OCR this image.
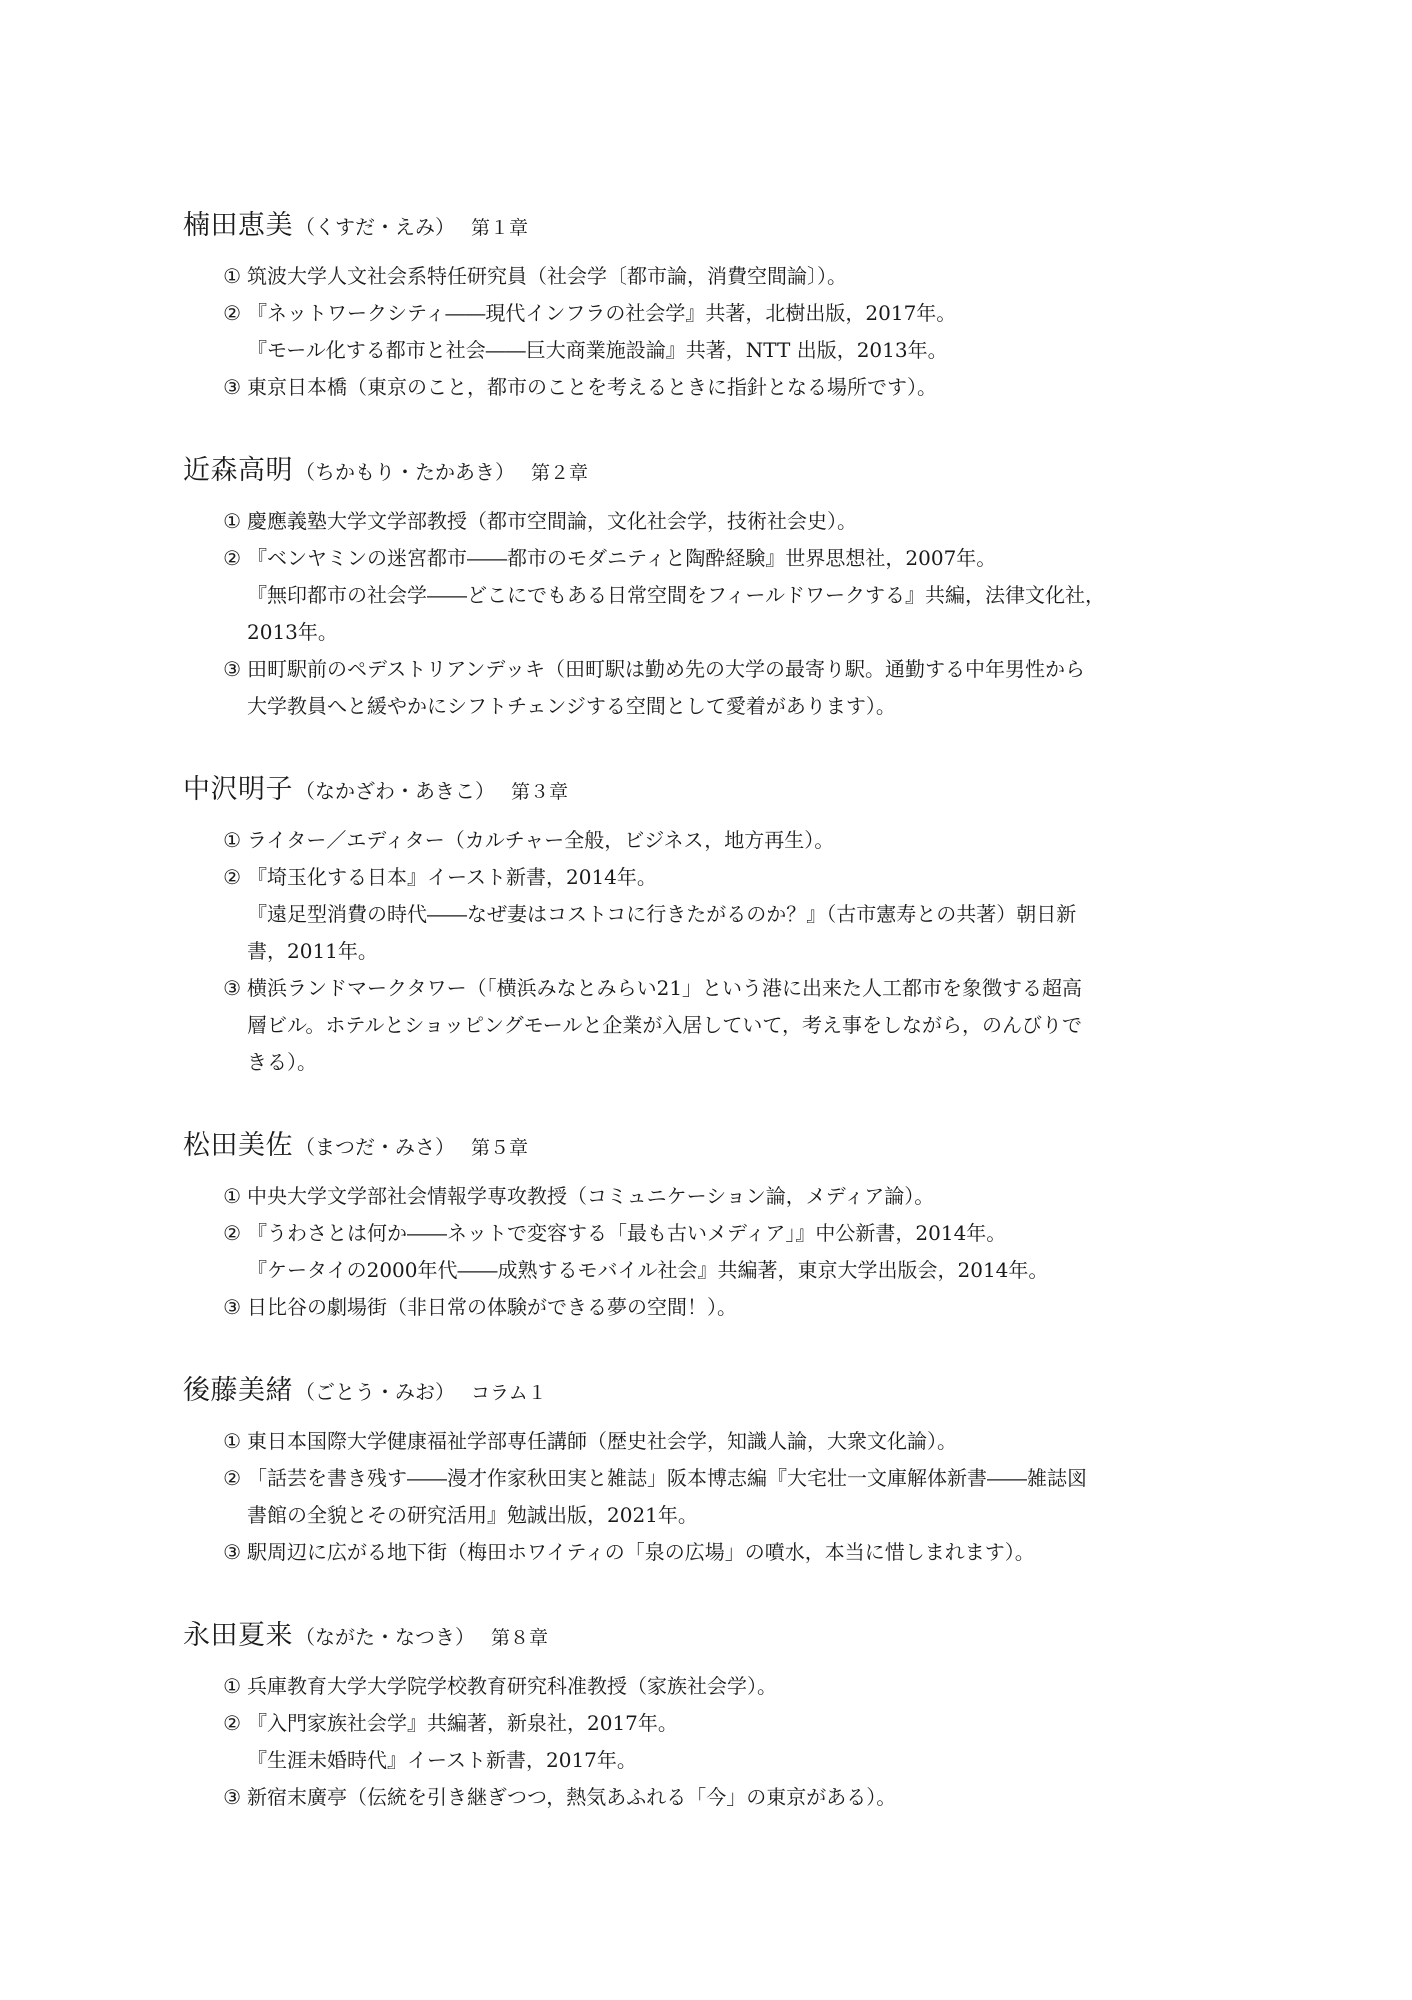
楠田恵美 （くすだ・えみ） 第１章
① 筑波大学人文社会系特任研究員（社会学〔都市論，消費空間論〕）。
② 『ネットワークシティ――現代インフラの社会学』共著，北樹出版，2017年。
『モール化する都市と社会――巨大商業施設論』共著，NTT 出版，2013年。
③ 東京日本橋（東京のこと，都市のことを考えるときに指針となる場所です）。
近森高明 （ちかもり・たかあき） 第２章
① 慶應義塾大学文学部教授（都市空間論，文化社会学，技術社会史）。
② 『ベンヤミンの迷宮都市――都市のモダニティと陶酔経験』世界思想社，2007年。
『無印都市の社会学――どこにでもある日常空間をフィールドワークする』共編，法律文化社，
2013年。
③ 田町駅前のペデストリアンデッキ（田町駅は勤め先の大学の最寄り駅。通勤する中年男性から
大学教員へと緩やかにシフトチェンジする空間として愛着があります）。
中沢明子 （なかざわ・あきこ） 第３章
① ライター／エディター（カルチャー全般，ビジネス，地方再生）。
② 『埼玉化する日本』イースト新書，2014年。
『遠足型消費の時代――なぜ妻はコストコに行きたがるのか？』（古市憲寿との共著）朝日新
書，2011年。
③ 横浜ランドマークタワー（「横浜みなとみらい21」という港に出来た人工都市を象徴する超高
層ビル。ホテルとショッピングモールと企業が入居していて，考え事をしながら，のんびりで
きる）。
松田美佐 （まつだ・みさ） 第５章
① 中央大学文学部社会情報学専攻教授（コミュニケーション論，メディア論）。
② 『うわさとは何か――ネットで変容する「最も古いメディア」』中公新書，2014年。
『ケータイの2000年代――成熟するモバイル社会』共編著，東京大学出版会，2014年。
③ 日比谷の劇場街（非日常の体験ができる夢の空間！）。
後藤美緒 （ごとう・みお） コラム１
① 東日本国際大学健康福祉学部専任講師（歴史社会学，知識人論，大衆文化論）。
② 「話芸を書き残す――漫才作家秋田実と雑誌」阪本博志編『大宅壮一文庫解体新書――雑誌図
書館の全貌とその研究活用』勉誠出版，2021年。
③ 駅周辺に広がる地下街（梅田ホワイティの「泉の広場」の噴水，本当に惜しまれます）。
永田夏来 （ながた・なつき） 第８章
① 兵庫教育大学大学院学校教育研究科准教授（家族社会学）。
② 『入門家族社会学』共編著，新泉社，2017年。
『生涯未婚時代』イースト新書，2017年。
③ 新宿末廣亭（伝統を引き継ぎつつ，熱気あふれる「今」の東京がある）。
